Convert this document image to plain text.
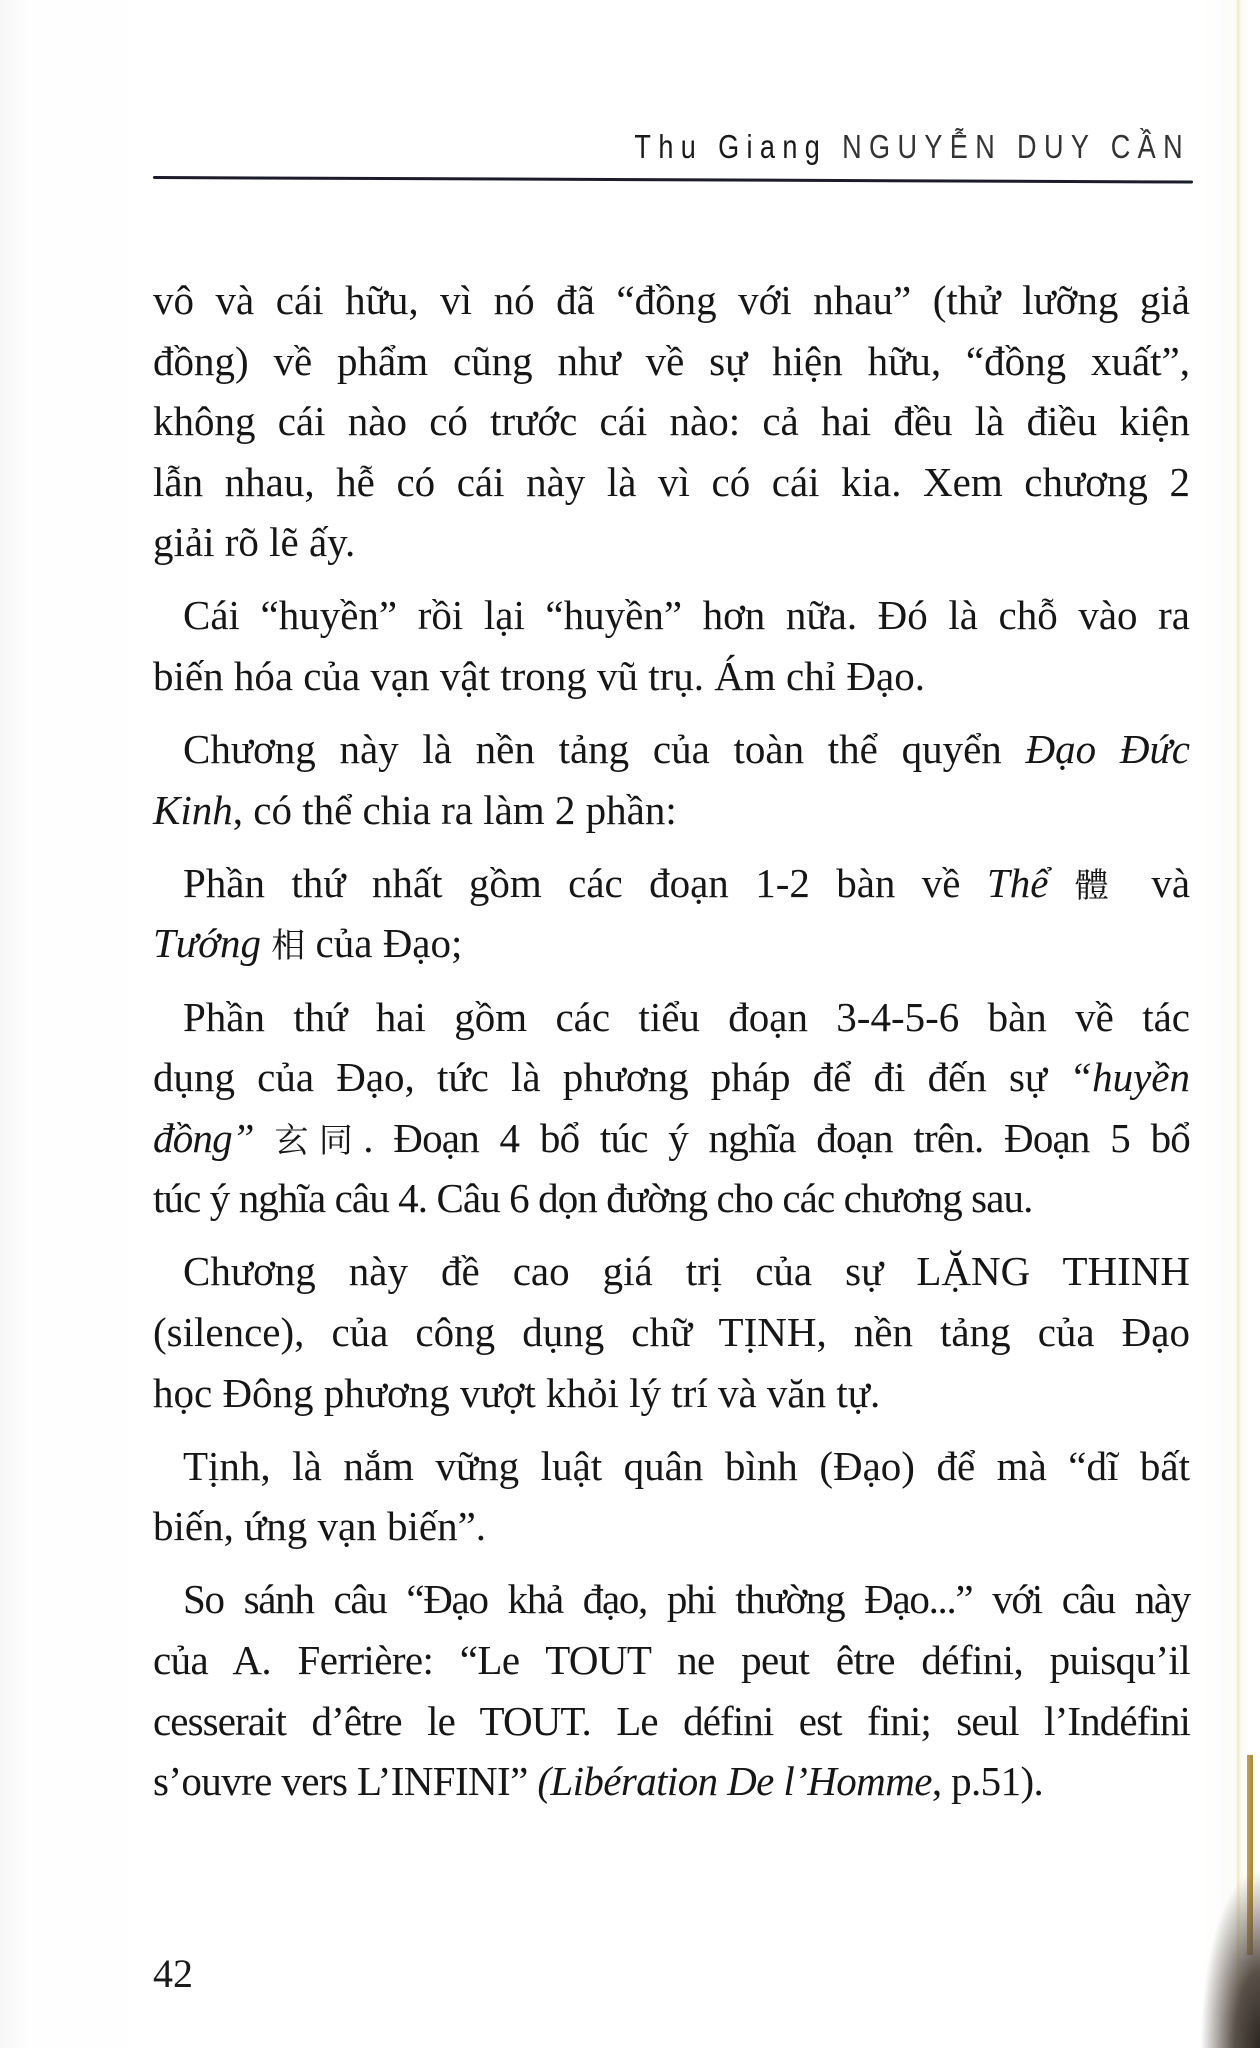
Thu Giang NGUYỄN DUY CẦN
vô và cái hữu, vì nó đã “đồng với nhau” (thử lưỡng giả
đồng) về phẩm cũng như về sự hiện hữu, “đồng xuất”,
không cái nào có trước cái nào: cả hai đều là điều kiện
lẫn nhau, hễ có cái này là vì có cái kia. Xem chương 2
giải rõ lẽ ấy.
Cái “huyền” rồi lại “huyền” hơn nữa. Đó là chỗ vào ra
biến hóa của vạn vật trong vũ trụ. Ám chỉ Đạo.
Chương này là nền tảng của toàn thể quyển Đạo Đức
Kinh, có thể chia ra làm 2 phần:
Phần thứ nhất gồm các đoạn 1-2 bàn về Thể 體 và
Tướng 相 của Đạo;
Phần thứ hai gồm các tiểu đoạn 3-4-5-6 bàn về tác
dụng của Đạo, tức là phương pháp để đi đến sự “huyền
đồng” 玄同. Đoạn 4 bổ túc ý nghĩa đoạn trên. Đoạn 5 bổ
túc ý nghĩa câu 4. Câu 6 dọn đường cho các chương sau.
Chương này đề cao giá trị của sự LẶNG THINH
(silence), của công dụng chữ TỊNH, nền tảng của Đạo
học Đông phương vượt khỏi lý trí và văn tự.
Tịnh, là nắm vững luật quân bình (Đạo) để mà “dĩ bất
biến, ứng vạn biến”.
So sánh câu “Đạo khả đạo, phi thường Đạo...” với câu này
của A. Ferrière: “Le TOUT ne peut être défini, puisqu’il
cesserait d’être le TOUT. Le défini est fini; seul l’Indéfini
s’ouvre vers L’INFINI” (Libération De l’Homme, p.51).
42
